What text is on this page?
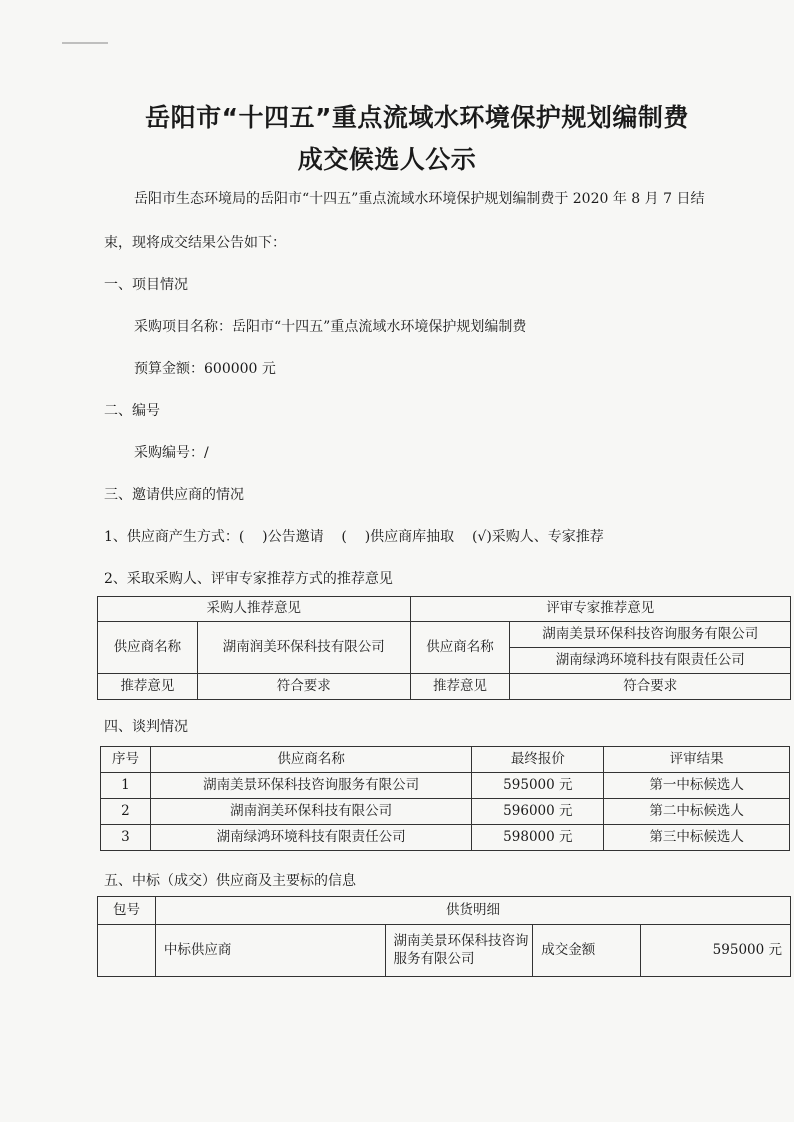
岳阳市“十四五”重点流域水环境保护规划编制费
成交候选人公示
岳阳市生态环境局的岳阳市“十四五”重点流域水环境保护规划编制费于 2020 年 8 月 7 日结
束，现将成交结果公告如下：
一、项目情况
采购项目名称：岳阳市“十四五”重点流域水环境保护规划编制费
预算金额：600000 元
二、编号
采购编号：/
三、邀请供应商的情况
1、供应商产生方式：(    )公告邀请    (    )供应商库抽取    (√)采购人、专家推荐
2、采取采购人、评审专家推荐方式的推荐意见
采购人推荐意见		评审专家推荐意见	
供应商名称	湖南润美环保科技有限公司	供应商名称	湖南美景环保科技咨询服务有限公司
			湖南绿鸿环境科技有限责任公司
推荐意见	符合要求	推荐意见	符合要求
四、谈判情况
序号	供应商名称	最终报价	评审结果
1	湖南美景环保科技咨询服务有限公司	595000 元	第一中标候选人
2	湖南润美环保科技有限公司	596000 元	第二中标候选人
3	湖南绿鸿环境科技有限责任公司	598000 元	第三中标候选人
五、中标（成交）供应商及主要标的信息
包号	供货明细			
	中标供应商	湖南美景环保科技咨询服务有限公司	成交金额	595000 元
